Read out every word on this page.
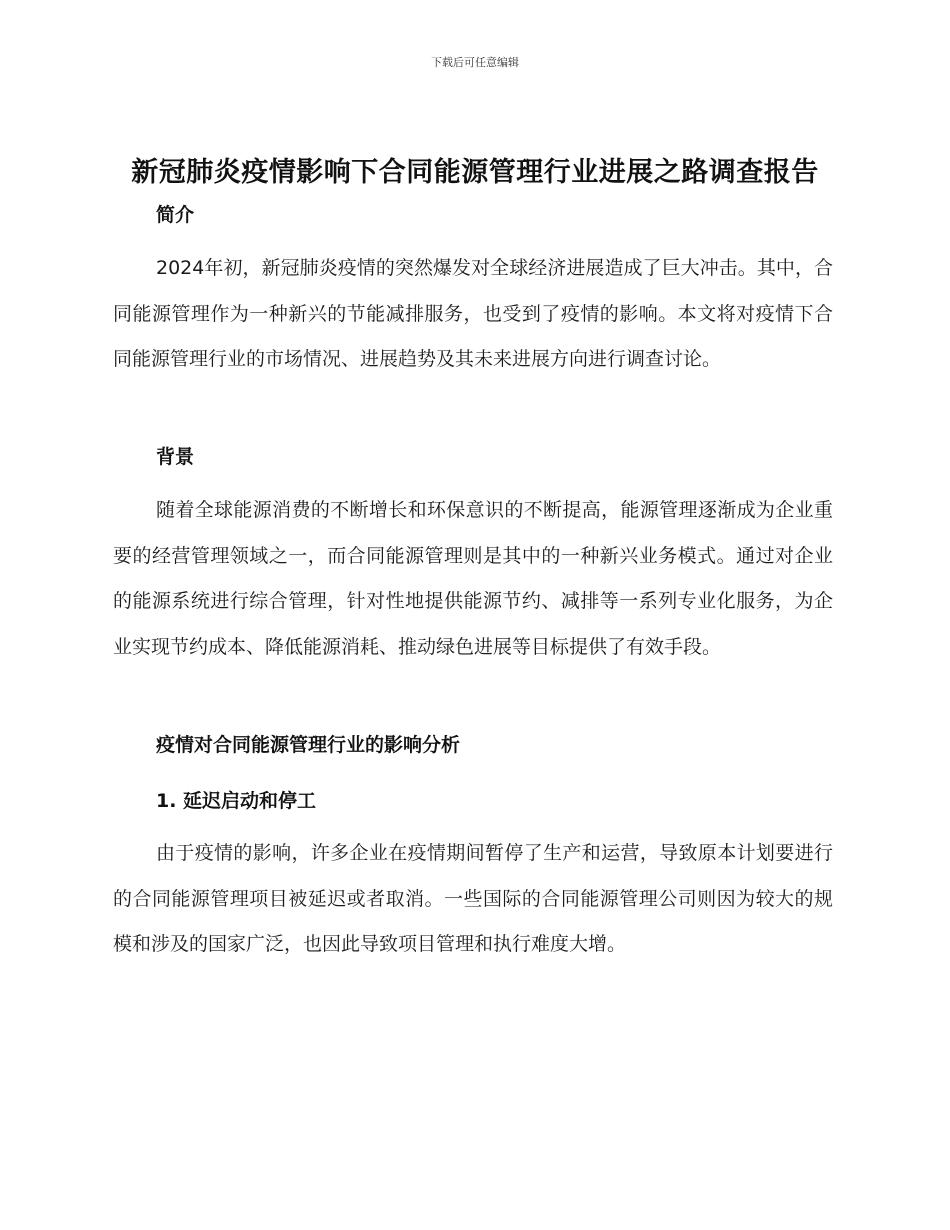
下载后可任意编辑
新冠肺炎疫情影响下合同能源管理行业进展之路调查报告
简介
2024年初，新冠肺炎疫情的突然爆发对全球经济进展造成了巨大冲击。其中，合同能源管理作为一种新兴的节能减排服务，也受到了疫情的影响。本文将对疫情下合同能源管理行业的市场情况、进展趋势及其未来进展方向进行调查讨论。
背景
随着全球能源消费的不断增长和环保意识的不断提高，能源管理逐渐成为企业重要的经营管理领域之一，而合同能源管理则是其中的一种新兴业务模式。通过对企业的能源系统进行综合管理，针对性地提供能源节约、减排等一系列专业化服务，为企业实现节约成本、降低能源消耗、推动绿色进展等目标提供了有效手段。
疫情对合同能源管理行业的影响分析
1. 延迟启动和停工
由于疫情的影响，许多企业在疫情期间暂停了生产和运营，导致原本计划要进行的合同能源管理项目被延迟或者取消。一些国际的合同能源管理公司则因为较大的规模和涉及的国家广泛，也因此导致项目管理和执行难度大增。
